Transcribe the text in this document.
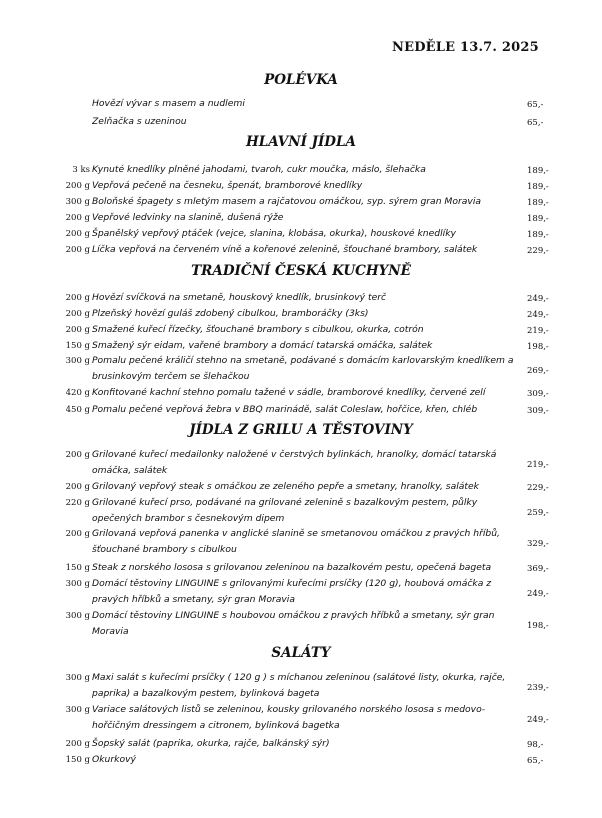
NEDĚLE 13.7. 2025
POLÉVKA
Hovězí vývar s masem a nudlemi	65,-
Zelňačka s uzeninou	65,-
HLAVNÍ JÍDLA
3 ks Kynuté knedlíky plněné jahodami, tvaroh, cukr moučka, máslo, šlehačka	189,-
200 g Vepřová pečeně na česneku, špenát, bramborové knedlíky	189,-
300 g Boloňské špagety s mletým masem a rajčatovou omáčkou, syp. sýrem gran Moravia	189,-
200 g Vepřové ledvinky na slanině, dušená rýže	189,-
200 g Španělský vepřový ptáček (vejce, slanina, klobása, okurka), houskové knedlíky	189,-
200 g Líčka vepřová na červeném víně a kořenové zelenině, šťouchané brambory, salátek	229,-
TRADIČNÍ ČESKÁ KUCHYNĚ
200 g Hovězí svíčková na smetaně, houskový knedlík, brusinkový terč	249,-
200 g Plzeňský hovězí guláš zdobený cibulkou, bramboráčky (3ks)	249,-
200 g Smažené kuřecí řízečky, šťouchané brambory s cibulkou, okurka, cotrón	219,-
150 g Smažený sýr eidam, vařené brambory a domácí tatarská omáčka, salátek	198,-
300 g Pomalu pečené králičí stehno na smetaně, podávané s domácím karlovarským knedlíkem a brusinkovým terčem se šlehačkou	269,-
420 g Konfitované kachní stehno pomalu tažené v sádle, bramborové knedlíky, červené zelí	309,-
450 g Pomalu pečené vepřová žebra v BBQ marinádě, salát Coleslaw, hořčice, křen, chléb	309,-
JÍDLA Z GRILU A TĚSTOVINY
200 g Grilované kuřecí medailonky naložené v čerstvých bylinkách, hranolky, domácí tatarská omáčka, salátek	219,-
200 g Grilovaný vepřový steak s omáčkou ze zeleného pepře a smetany, hranolky, salátek	229,-
220 g Grilované kuřecí prso, podávané na grilované zelenině s bazalkovým pestem, půlky opečených brambor s česnekovým dipem	259,-
200 g Grilovaná vepřová panenka v anglické slanině se smetanovou omáčkou z pravých hříbů, šťouchané brambory s cibulkou	329,-
150 g Steak z norského lososa s grilovanou zeleninou na bazalkovém pestu, opečená bageta	369,-
300 g Domácí těstoviny LINGUINE s grilovanými kuřecími prsíčky (120 g), houbová omáčka z pravých hříbků a smetany, sýr gran Moravia	249,-
300 g Domácí těstoviny LINGUINE s houbovou omáčkou z pravých hříbků a smetany, sýr gran Moravia	198,-
SALÁTY
300 g Maxi salát s kuřecími prsíčky ( 120 g ) s míchanou zeleninou (salátové listy, okurka, rajče, paprika) a bazalkovým pestem, bylinková bageta	239,-
300 g Variace salátových listů se zeleninou, kousky grilovaného norského lososa s medovo-hořčičným dressingem a citronem, bylinková bagetka	249,-
200 g Šopský salát (paprika, okurka, rajče, balkánský sýr)	98,-
150 g Okurkový	65,-
